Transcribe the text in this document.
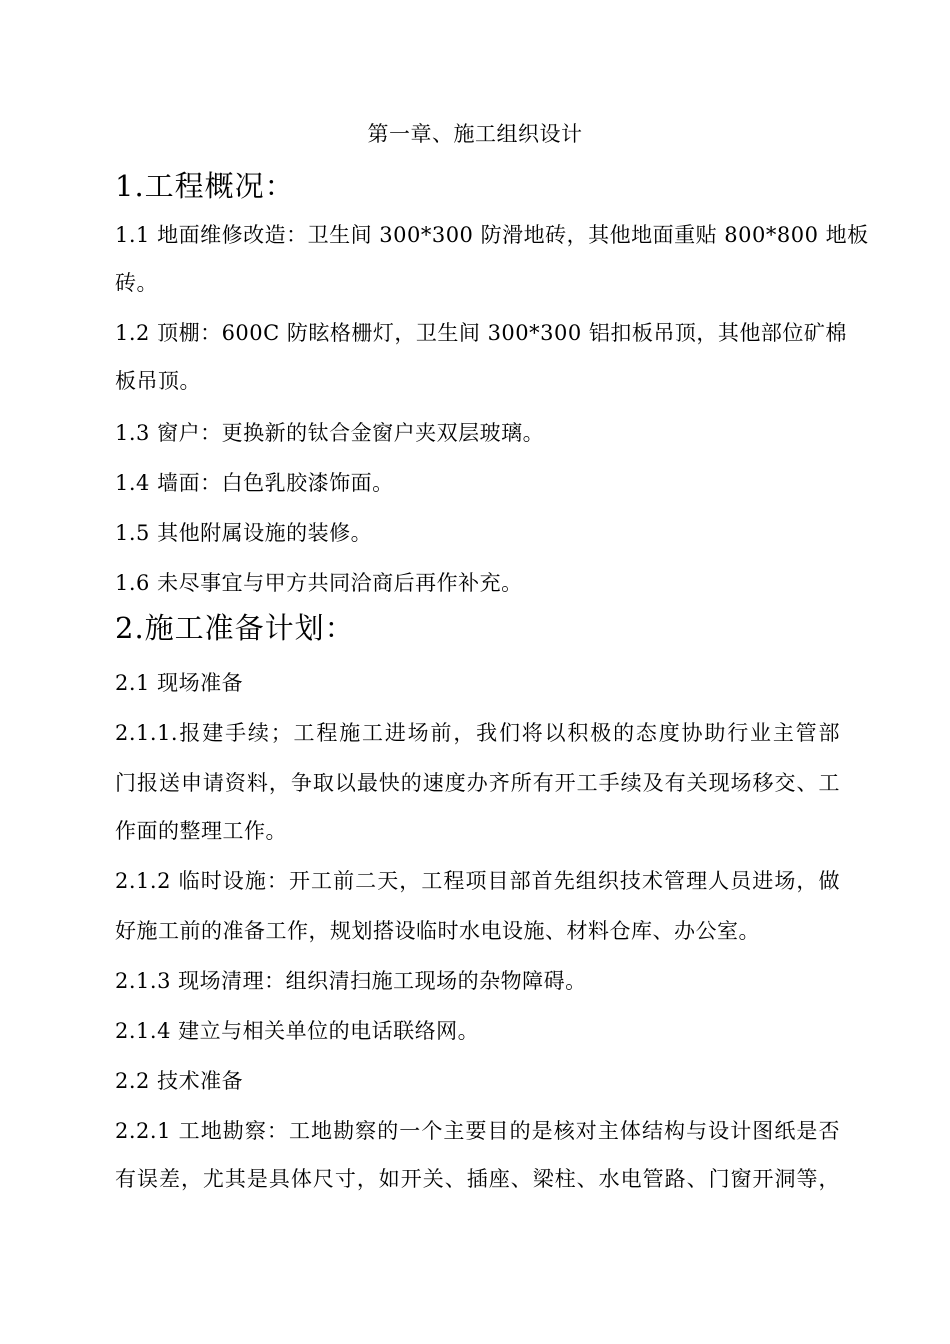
第一章、施工组织设计
1.工程概况：
1.1 地面维修改造：卫生间 300*300 防滑地砖，其他地面重贴 800*800 地板
砖。
1.2 顶棚：600C 防眩格栅灯，卫生间 300*300 铝扣板吊顶，其他部位矿棉
板吊顶。
1.3 窗户：更换新的钛合金窗户夹双层玻璃。
1.4 墙面：白色乳胶漆饰面。
1.5 其他附属设施的装修。
1.6 未尽事宜与甲方共同洽商后再作补充。
2.施工准备计划：
2.1 现场准备
2.1.1.报建手续；工程施工进场前，我们将以积极的态度协助行业主管部
门报送申请资料，争取以最快的速度办齐所有开工手续及有关现场移交、工
作面的整理工作。
2.1.2 临时设施：开工前二天，工程项目部首先组织技术管理人员进场，做
好施工前的准备工作，规划搭设临时水电设施、材料仓库、办公室。
2.1.3 现场清理：组织清扫施工现场的杂物障碍。
2.1.4 建立与相关单位的电话联络网。
2.2 技术准备
2.2.1 工地勘察：工地勘察的一个主要目的是核对主体结构与设计图纸是否
有误差，尤其是具体尺寸，如开关、插座、梁柱、水电管路、门窗开洞等，
